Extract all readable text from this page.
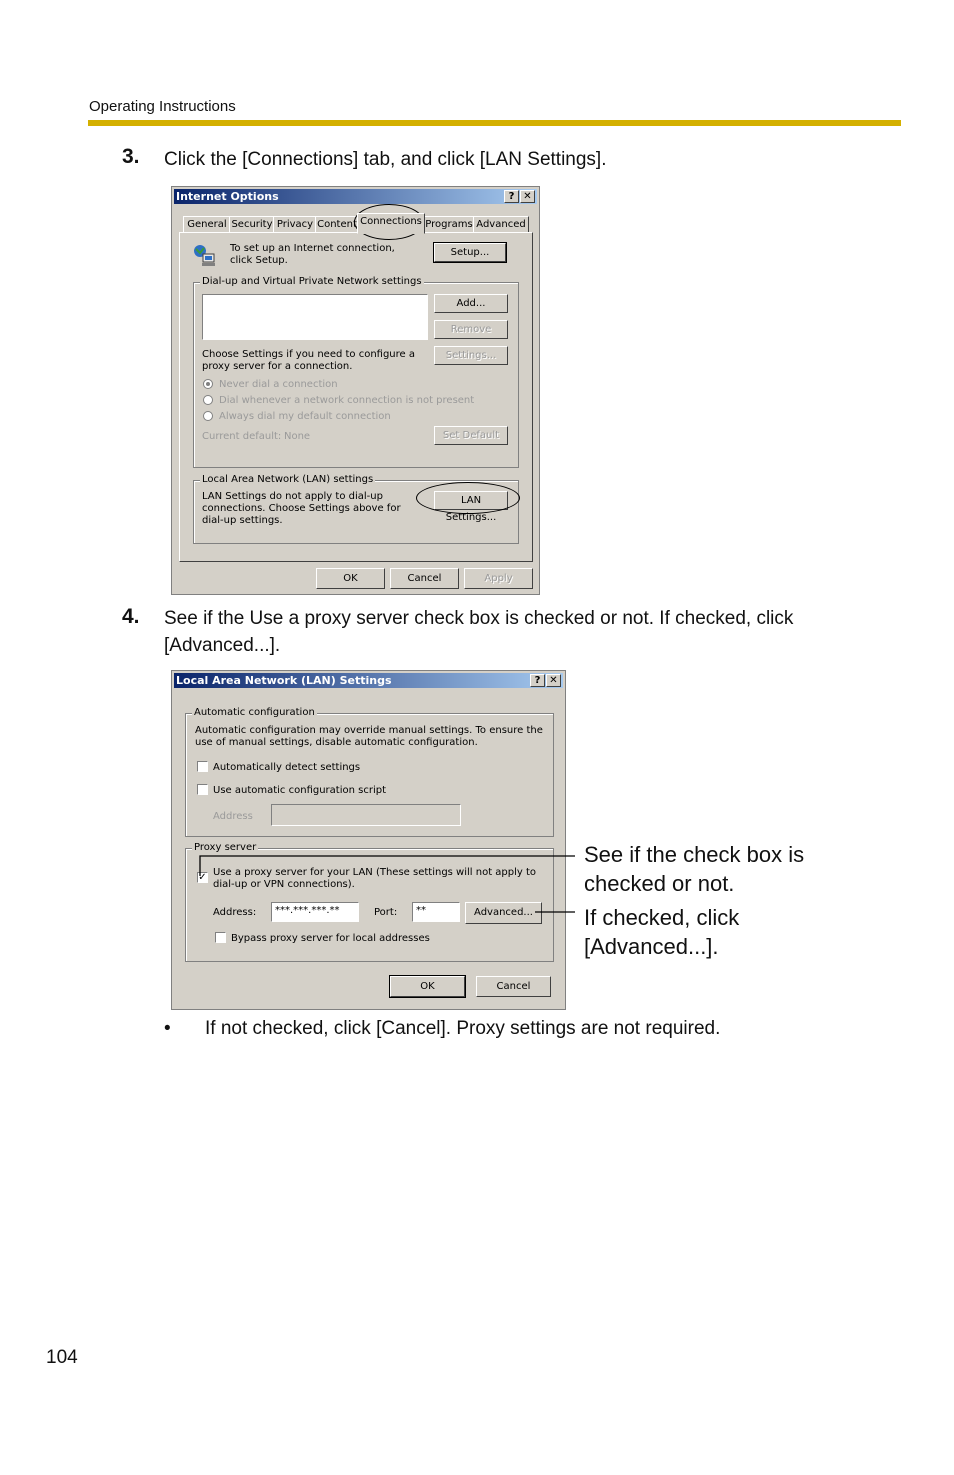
Operating Instructions
3. Click the [Connections] tab, and click [LAN Settings].
Internet Options	? ✕
General Security Privacy Content Connections Programs Advanced
To set up an Internet connection, click Setup.
Setup...
Dial-up and Virtual Private Network settings
Add...
Remove
Choose Settings if you need to configure a proxy server for a connection.
Settings...
Never dial a connection
Dial whenever a network connection is not present
Always dial my default connection
Current default: None	Set Default
Local Area Network (LAN) settings
LAN Settings do not apply to dial-up connections. Choose Settings above for dial-up settings.
LAN Settings...
OK	Cancel	Apply
4. See if the Use a proxy server check box is checked or not. If checked, click [Advanced...].
Local Area Network (LAN) Settings	? ✕
Automatic configuration
Automatic configuration may override manual settings. To ensure the use of manual settings, disable automatic configuration.
Automatically detect settings
Use automatic configuration script
Address
Proxy server
✓ Use a proxy server for your LAN (These settings will not apply to dial-up or VPN connections).
Address:	***.***.***.**	Port:	**	Advanced...
Bypass proxy server for local addresses
OK	Cancel
See if the check box is checked or not.
If checked, click [Advanced...].
• If not checked, click [Cancel]. Proxy settings are not required.
104
